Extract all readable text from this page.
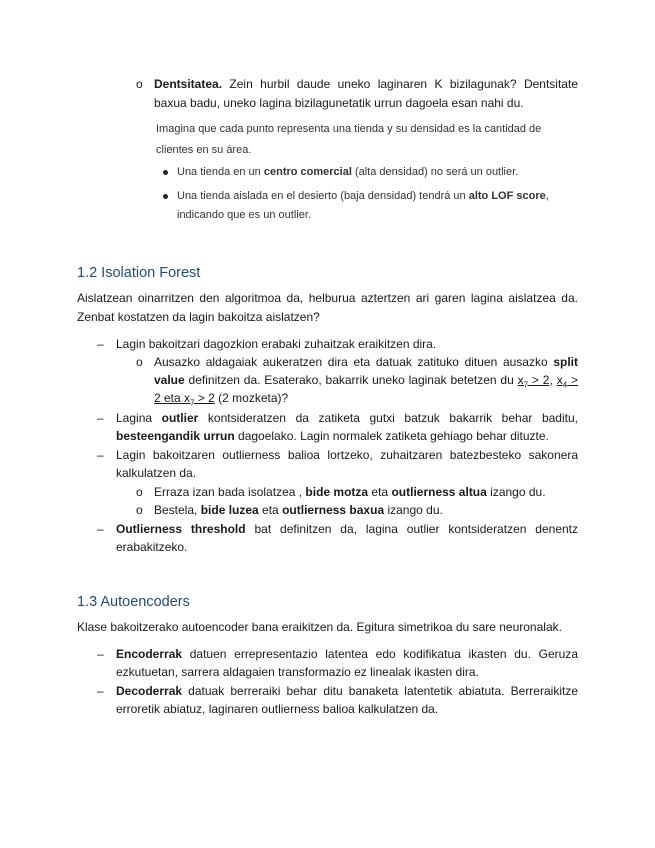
o Dentsitatea. Zein hurbil daude uneko laginaren K bizilagunak? Dentsitate
baxua badu, uneko lagina bizilagunetatik urrun dagoela esan nahi du.
Imagina que cada punto representa una tienda y su densidad es la cantidad de
clientes en su área.
Una tienda en un centro comercial (alta densidad) no será un outlier.
Una tienda aislada en el desierto (baja densidad) tendrá un alto LOF score,
indicando que es un outlier.
1.2 Isolation Forest
Aislatzean oinarritzen den algoritmoa da, helburua aztertzen ari garen lagina aislatzea da.
Zenbat kostatzen da lagin bakoitza aislatzen?
– Lagin bakoitzari dagozkion erabaki zuhaitzak eraikitzen dira.
o Ausazko aldagaiak aukeratzen dira eta datuak zatituko dituen ausazko split
value definitzen da. Esaterako, bakarrik uneko laginak betetzen du $x_7 > 2$, $x_4$ >
2 eta $x_7 > 2$ (2 mozketa)?
– Lagina outlier kontsideratzen da zatiketa gutxi batzuk bakarrik behar baditu,
besteengandik urrun dagoelako. Lagin normalek zatiketa gehiago behar dituzte.
– Lagin bakoitzaren outlierness balioa lortzeko, zuhaitzaren batezbesteko sakonera
kalkulatzen da.
o Erraza izan bada isolatzea , bide motza eta outlierness altua izango du.
o Bestela, bide luzea eta outlierness baxua izango du.
– Outlierness threshold bat definitzen da, lagina outlier kontsideratzen denentz
erabakitzeko.
1.3 Autoencoders
Klase bakoitzerako autoencoder bana eraikitzen da. Egitura simetrikoa du sare neuronalak.
– Encoderrak datuen errepresentazio latentea edo kodifikatua ikasten du. Geruza
ezkutuetan, sarrera aldagaien transformazio ez linealak ikasten dira.
– Decoderrak datuak berreraiki behar ditu banaketa latentetik abiatuta. Berreraikitze
erroretik abiatuz, laginaren outlierness balioa kalkulatzen da.
